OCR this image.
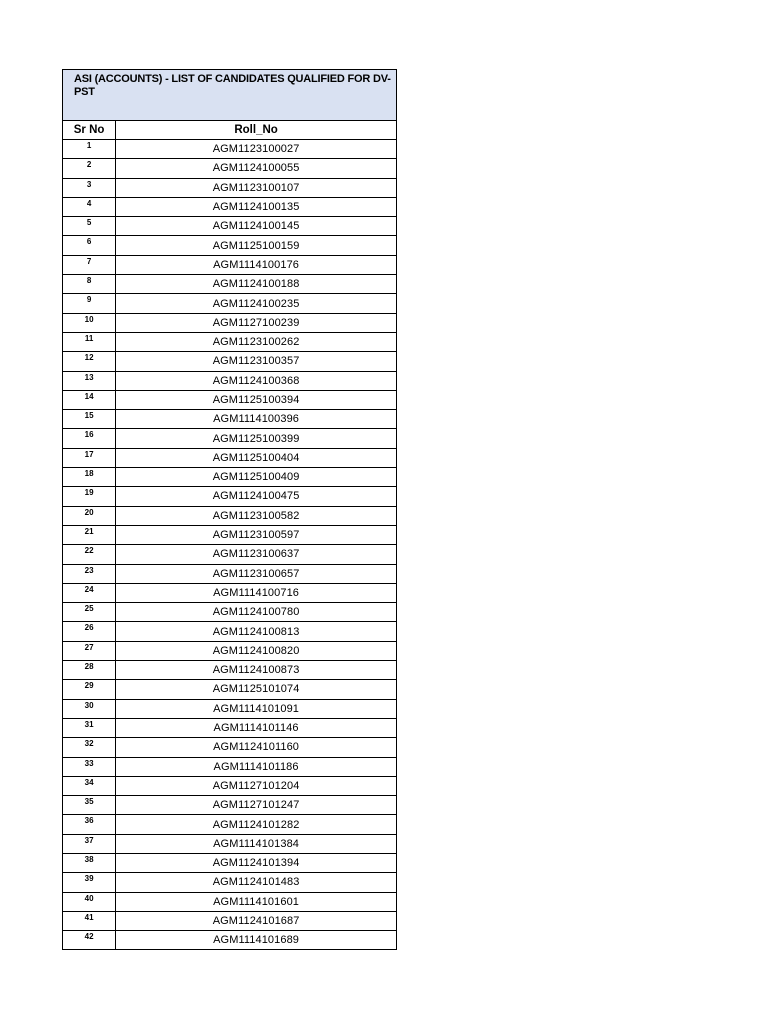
ASI (ACCOUNTS) - LIST OF CANDIDATES QUALIFIED FOR DV-PST	
Sr No	Roll_No
1	AGM1123100027
2	AGM1124100055
3	AGM1123100107
4	AGM1124100135
5	AGM1124100145
6	AGM1125100159
7	AGM1114100176
8	AGM1124100188
9	AGM1124100235
10	AGM1127100239
11	AGM1123100262
12	AGM1123100357
13	AGM1124100368
14	AGM1125100394
15	AGM1114100396
16	AGM1125100399
17	AGM1125100404
18	AGM1125100409
19	AGM1124100475
20	AGM1123100582
21	AGM1123100597
22	AGM1123100637
23	AGM1123100657
24	AGM1114100716
25	AGM1124100780
26	AGM1124100813
27	AGM1124100820
28	AGM1124100873
29	AGM1125101074
30	AGM1114101091
31	AGM1114101146
32	AGM1124101160
33	AGM1114101186
34	AGM1127101204
35	AGM1127101247
36	AGM1124101282
37	AGM1114101384
38	AGM1124101394
39	AGM1124101483
40	AGM1114101601
41	AGM1124101687
42	AGM1114101689
